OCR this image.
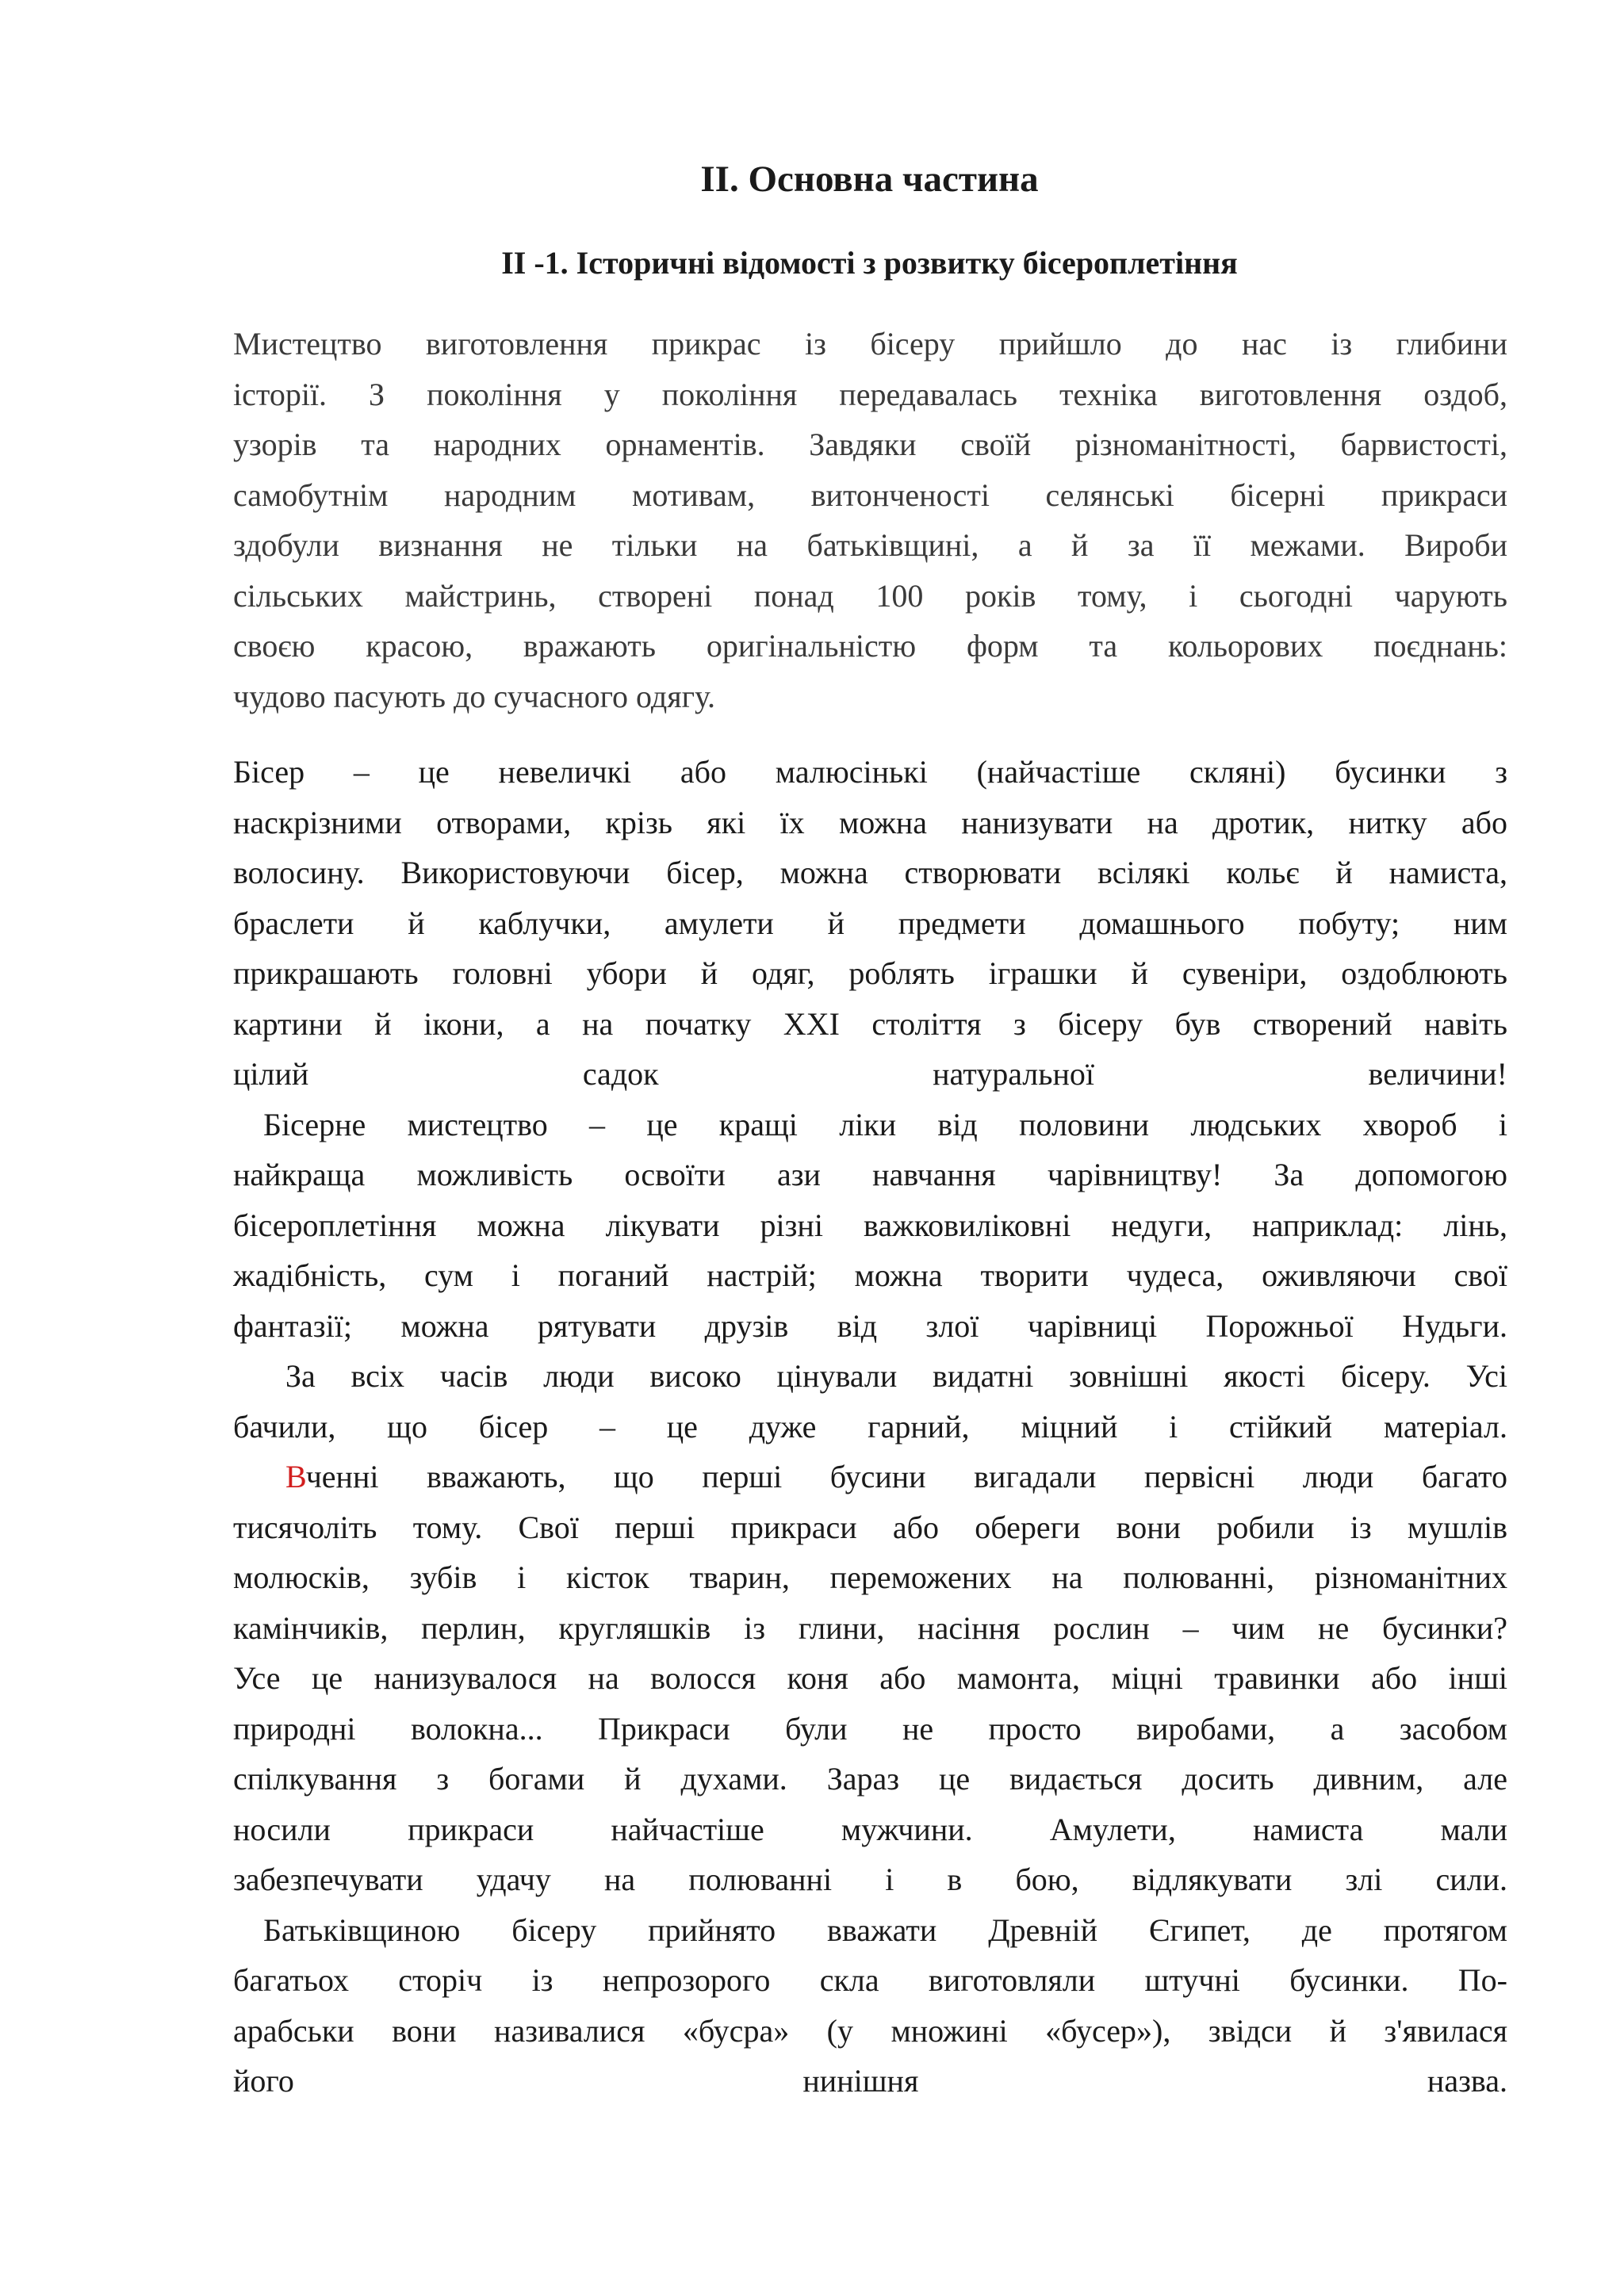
ІІ. Основна частина
ІІ -1. Історичні відомості з розвитку бісероплетіння

Мистецтво виготовлення прикрас із бісеру прийшло до нас із глибини
історії. З покоління у покоління передавалась техніка виготовлення оздоб,
узорів та народних орнаментів. Завдяки своїй різноманітності, барвистості,
самобутнім народним мотивам, витонченості селянські бісерні прикраси
здобули визнання не тільки на батьківщині, а й за її межами. Вироби
сільських майстринь, створені понад 100 років тому, і сьогодні чарують
своєю красою, вражають оригінальністю форм та кольорових поєднань:
чудово пасують до сучасного одягу.

Бісер – це невеличкі або малюсінькі (найчастіше скляні) бусинки з
наскрізними отворами, крізь які їх можна нанизувати на дротик, нитку або
волосину. Використовуючи бісер, можна створювати всілякі кольє й намиста,
браслети й каблучки, амулети й предмети домашнього побуту; ним
прикрашають головні убори й одяг, роблять іграшки й сувеніри, оздоблюють
картини й ікони, а на початку XXI століття з бісеру був створений навіть
цілий садок натуральної величини!
Бісерне мистецтво – це кращі ліки від половини людських хвороб і
найкраща можливість освоїти ази навчання чарівництву! За допомогою
бісероплетіння можна лікувати різні важковиліковні недуги, наприклад: лінь,
жадібність, сум і поганий настрій; можна творити чудеса, оживляючи свої
фантазії; можна рятувати друзів від злої чарівниці Порожньої Нудьги.
За всіх часів люди високо цінували видатні зовнішні якості бісеру. Усі
бачили, що бісер – це дуже гарний, міцний і стійкий матеріал.
Вченні вважають, що перші бусини вигадали первісні люди багато
тисячоліть тому. Свої перші прикраси або обереги вони робили із мушлів
молюсків, зубів і кісток тварин, переможених на полюванні, різноманітних
камінчиків, перлин, кругляшків із глини, насіння рослин – чим не бусинки?
Усе це нанизувалося на волосся коня або мамонта, міцні травинки або інші
природні волокна... Прикраси були не просто виробами, а засобом
спілкування з богами й духами. Зараз це видається досить дивним, але
носили прикраси найчастіше мужчини. Амулети, намиста мали
забезпечувати удачу на полюванні і в бою, відлякувати злі сили.
Батьківщиною бісеру прийнято вважати Древній Єгипет, де протягом
багатьох сторіч із непрозорого скла виготовляли штучні бусинки. По-
арабськи вони називалися «бусра» (у множині «бусер»), звідси й з'явилася
його нинішня назва.
